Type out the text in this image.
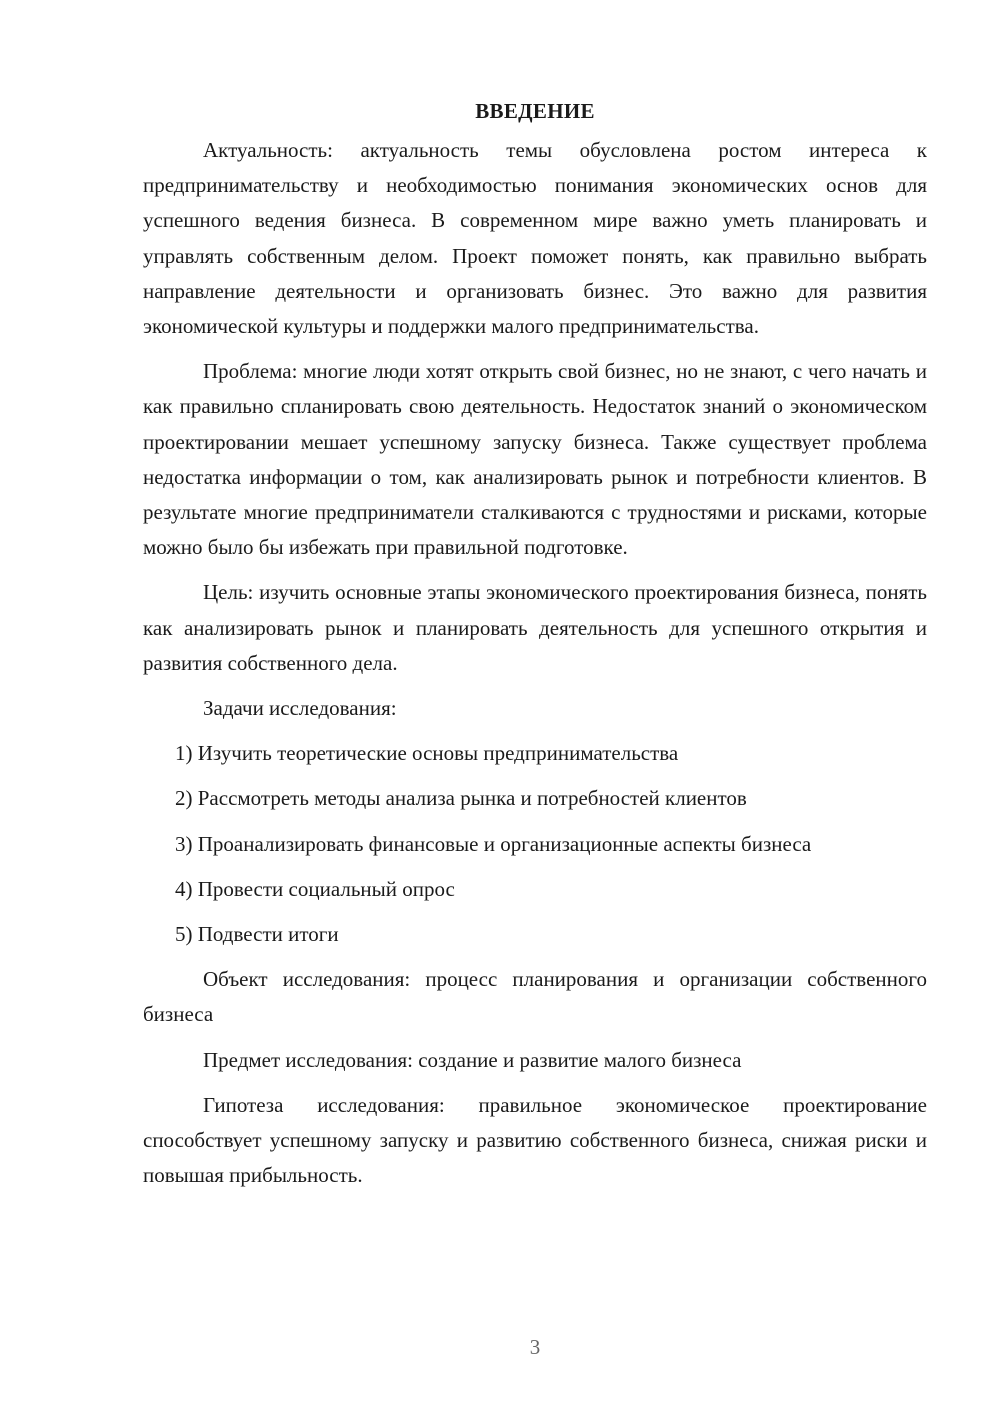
ВВЕДЕНИЕ

Актуальность: актуальность темы обусловлена ростом интереса к предпринимательству и необходимостью понимания экономических основ для успешного ведения бизнеса. В современном мире важно уметь планировать и управлять собственным делом. Проект поможет понять, как правильно выбрать направление деятельности и организовать бизнес. Это важно для развития экономической культуры и поддержки малого предпринимательства.

Проблема: многие люди хотят открыть свой бизнес, но не знают, с чего начать и как правильно спланировать свою деятельность. Недостаток знаний о экономическом проектировании мешает успешному запуску бизнеса. Также существует проблема недостатка информации о том, как анализировать рынок и потребности клиентов. В результате многие предприниматели сталкиваются с трудностями и рисками, которые можно было бы избежать при правильной подготовке.

Цель: изучить основные этапы экономического проектирования бизнеса, понять как анализировать рынок и планировать деятельность для успешного открытия и развития собственного дела.

Задачи исследования:

1) Изучить теоретические основы предпринимательства

2) Рассмотреть методы анализа рынка и потребностей клиентов

3) Проанализировать финансовые и организационные аспекты бизнеса

4) Провести социальный опрос

5) Подвести итоги

Объект исследования: процесс планирования и организации собственного бизнеса

Предмет исследования: создание и развитие малого бизнеса

Гипотеза исследования: правильное экономическое проектирование способствует успешному запуску и развитию собственного бизнеса, снижая риски и повышая прибыльность.

3
